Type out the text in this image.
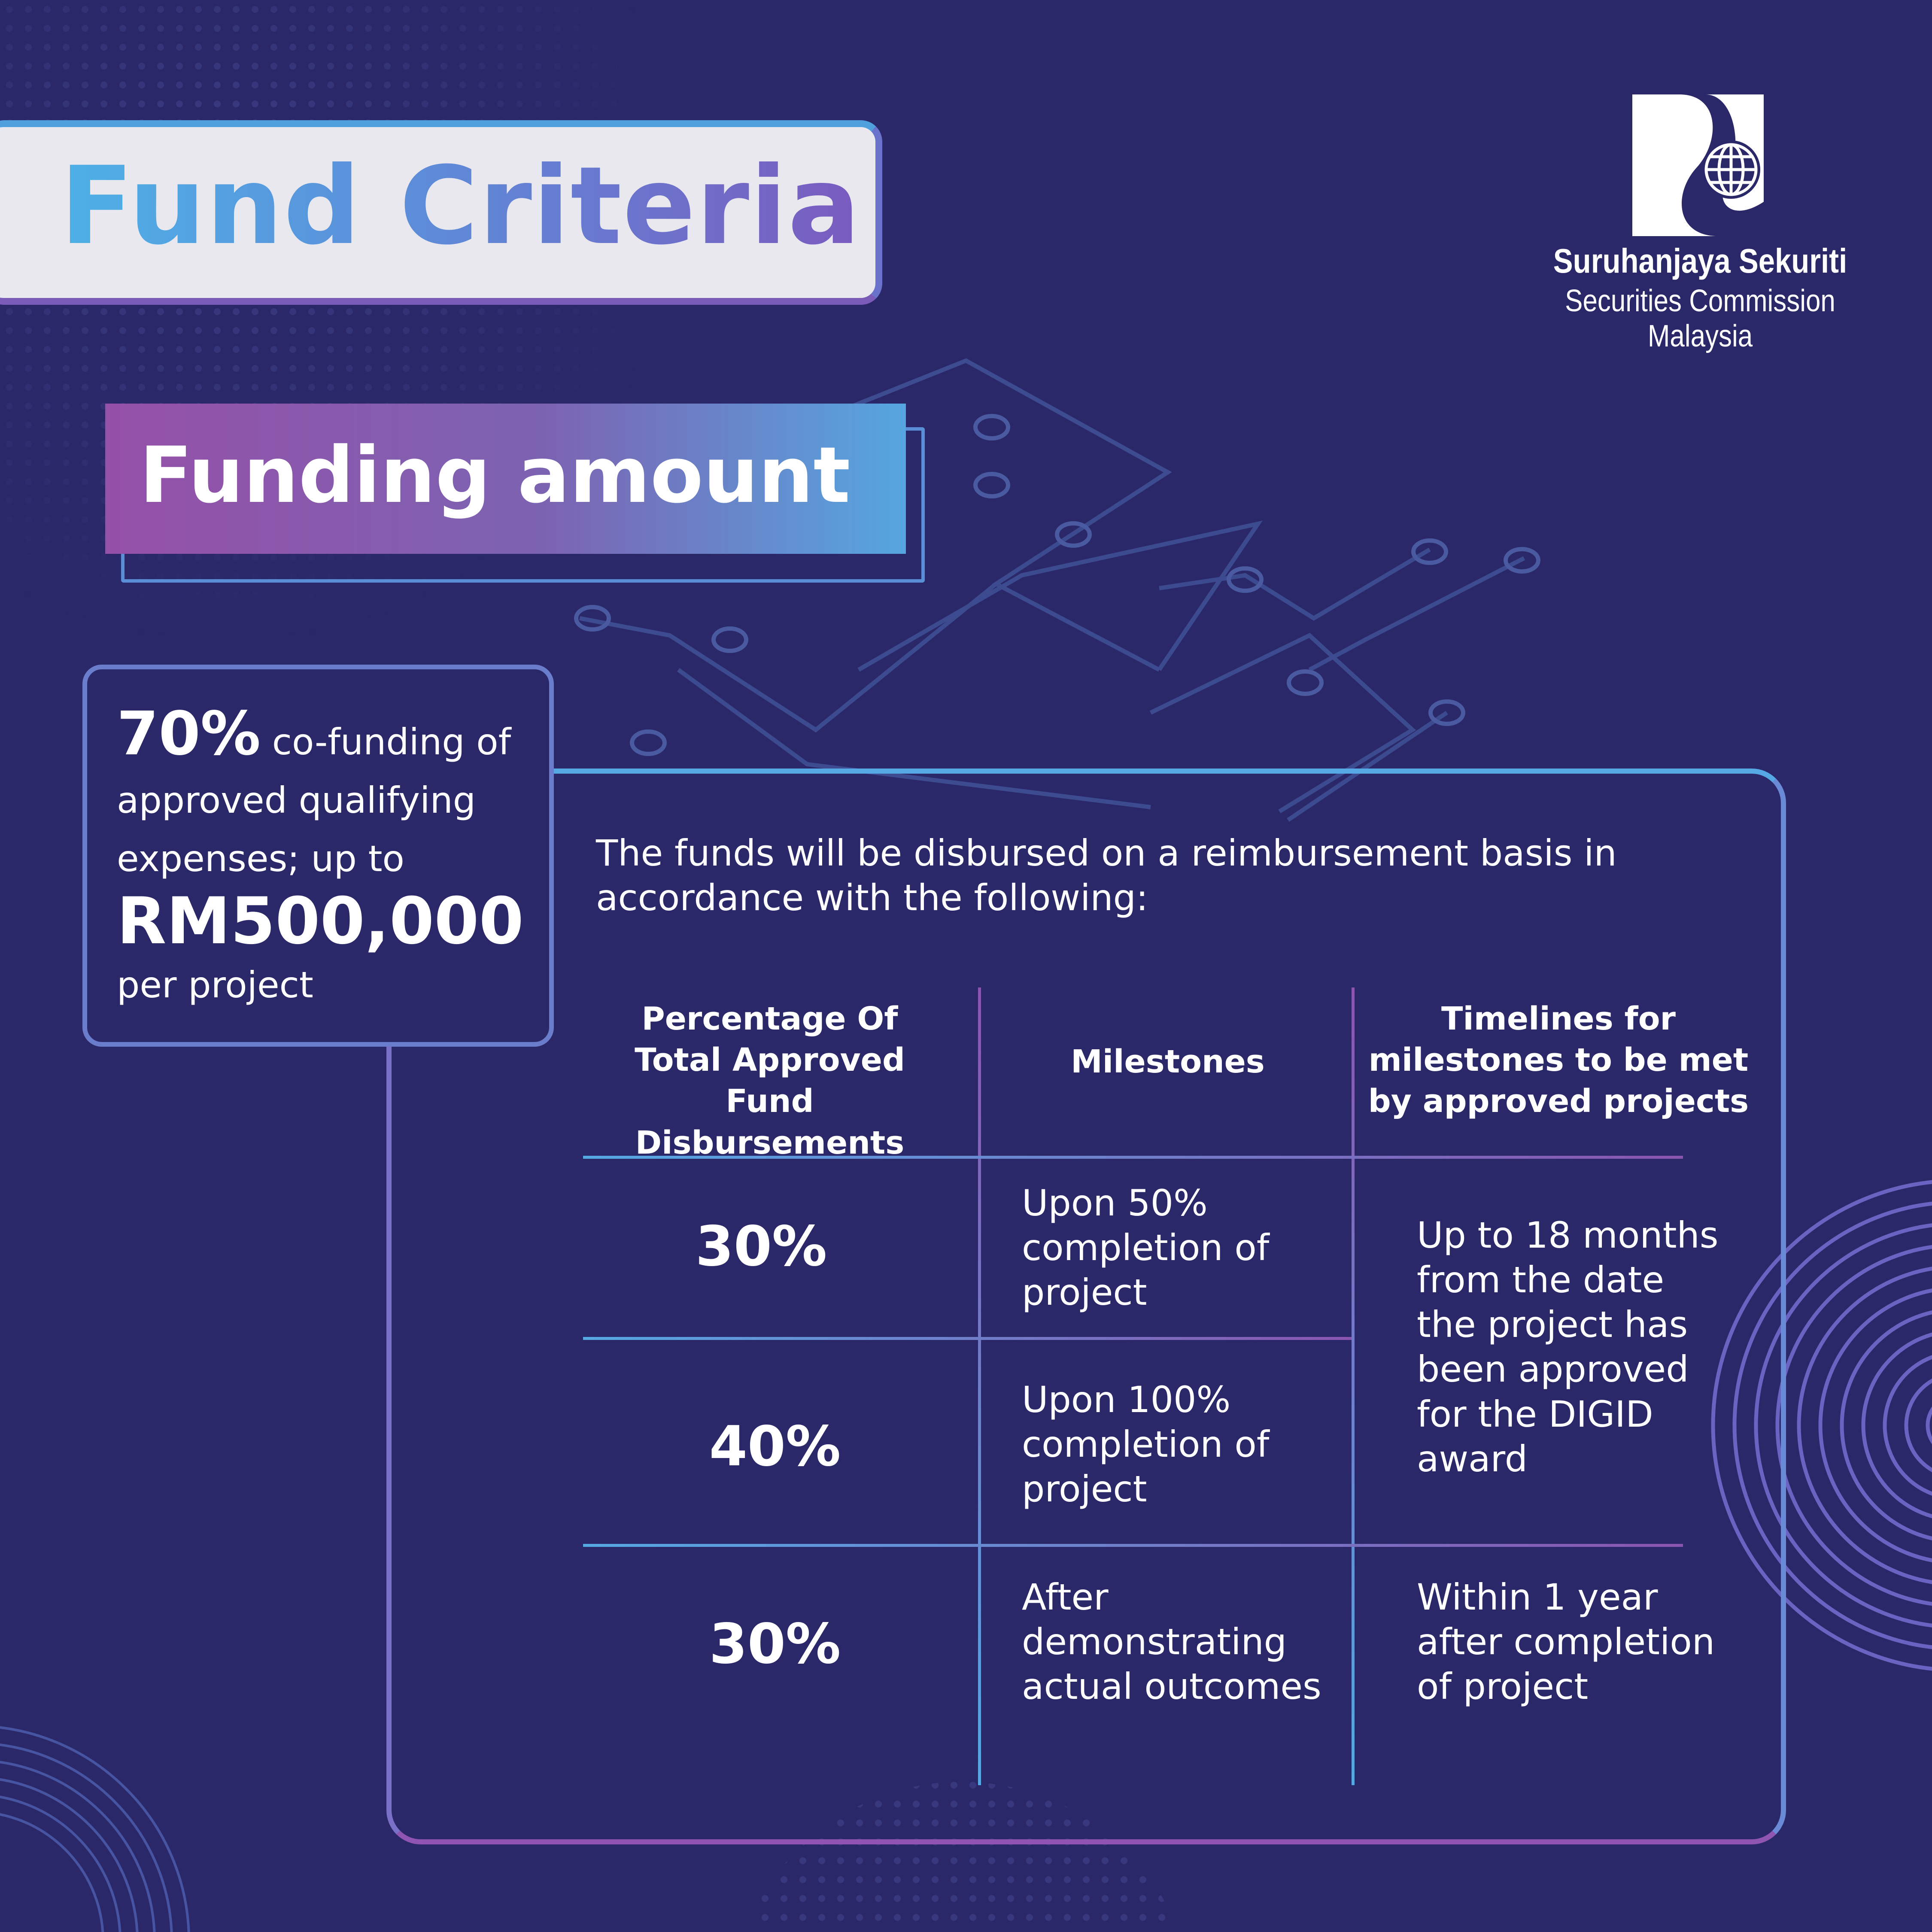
Fund Criteria	Suruhanjaya Sekuriti
Securities Commission
Malaysia
Funding amount
70% co-funding of approved qualifying expenses; up to
RM500,000
per project
The funds will be disbursed on a reimbursement basis in accordance with the following:
Percentage Of Total Approved Fund Disbursements
Milestones
Timelines for milestones to be met by approved projects
30%
Upon 50% completion of project
40%
Upon 100% completion of project
Up to 18 months from the date the project has been approved for the DIGID award
30%
After demonstrating actual outcomes
Within 1 year after completion of project
